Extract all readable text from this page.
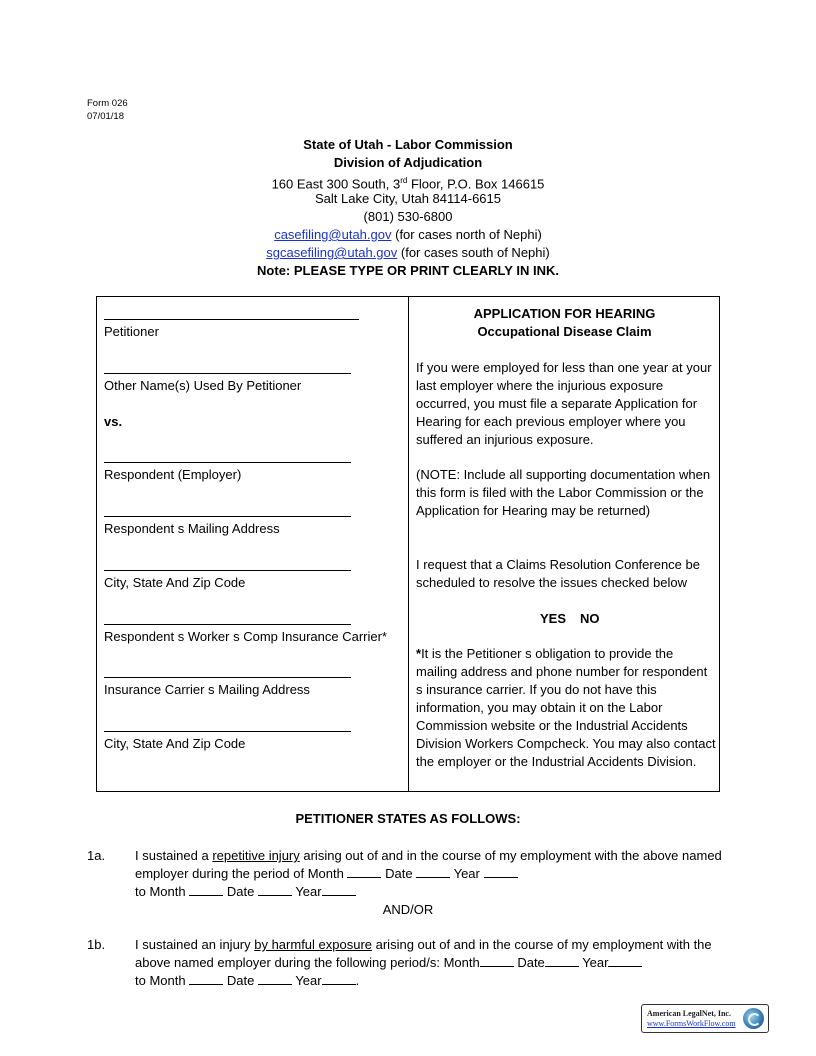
Form 026
07/01/18
State of Utah - Labor Commission
Division of Adjudication
160 East 300 South, 3rd Floor, P.O. Box 146615
Salt Lake City, Utah 84114-6615
(801) 530-6800
casefiling@utah.gov (for cases north of Nephi)
sgcasefiling@utah.gov (for cases south of Nephi)
Note: PLEASE TYPE OR PRINT CLEARLY IN INK.
Petitioner
Other Name(s) Used By Petitioner
vs.
Respondent (Employer)
Respondent s Mailing Address
City, State And Zip Code
Respondent s Worker s Comp Insurance Carrier*
Insurance Carrier s Mailing Address
City, State And Zip Code
APPLICATION FOR HEARING
Occupational Disease Claim
If you were employed for less than one year at your last employer where the injurious exposure occurred, you must file a separate Application for Hearing for each previous employer where you suffered an injurious exposure.
(NOTE: Include all supporting documentation when this form is filed with the Labor Commission or the Application for Hearing may be returned)
I request that a Claims Resolution Conference be scheduled to resolve the issues checked below
YES NO
*It is the Petitioner s obligation to provide the mailing address and phone number for respondent s insurance carrier. If you do not have this information, you may obtain it on the Labor Commission website or the Industrial Accidents Division Workers Compcheck. You may also contact the employer or the Industrial Accidents Division.
PETITIONER STATES AS FOLLOWS:
1a. I sustained a repetitive injury arising out of and in the course of my employment with the above named employer during the period of Month	Date	Year
to Month	Date	Year
AND/OR
1b. I sustained an injury by harmful exposure arising out of and in the course of my employment with the above named employer during the following period/s: Month	Date	Year
to Month	Date	Year	.
American LegalNet, Inc.
www.FormsWorkFlow.com
